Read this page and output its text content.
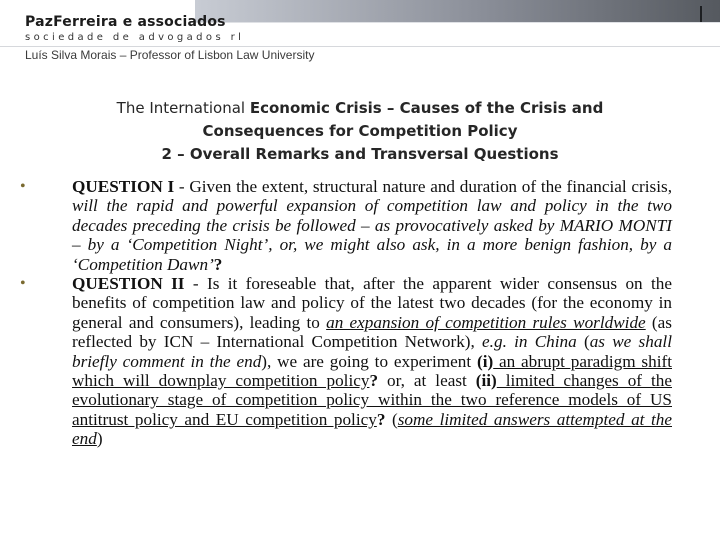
PazFerreira e associados

sociedade de advogados rl

Luís Silva Morais – Professor of Lisbon Law University

The International Economic Crisis – Causes of the Crisis and
Consequences for Competition Policy
2 – Overall Remarks and Transversal Questions

•	QUESTION I - Given the extent, structural nature and duration of the financial crisis, will the rapid and powerful expansion of competition law and policy in the two decades preceding the crisis be followed – as provocatively asked by MARIO MONTI – by a ‘Competition Night’, or, we might also ask, in a more benign fashion, by a ‘Competition Dawn’?

•	QUESTION II - Is it foreseable that, after the apparent wider consensus on the benefits of competition law and policy of the latest two decades (for the economy in general and consumers), leading to an expansion of competition rules worldwide (as reflected by ICN – International Competition Network), e.g. in China (as we shall briefly comment in the end), we are going to experiment (i) an abrupt paradigm shift which will downplay competition policy? or, at least (ii) limited changes of the evolutionary stage of competition policy within the two reference models of US antitrust policy and EU competition policy? (some limited answers attempted at the end)
